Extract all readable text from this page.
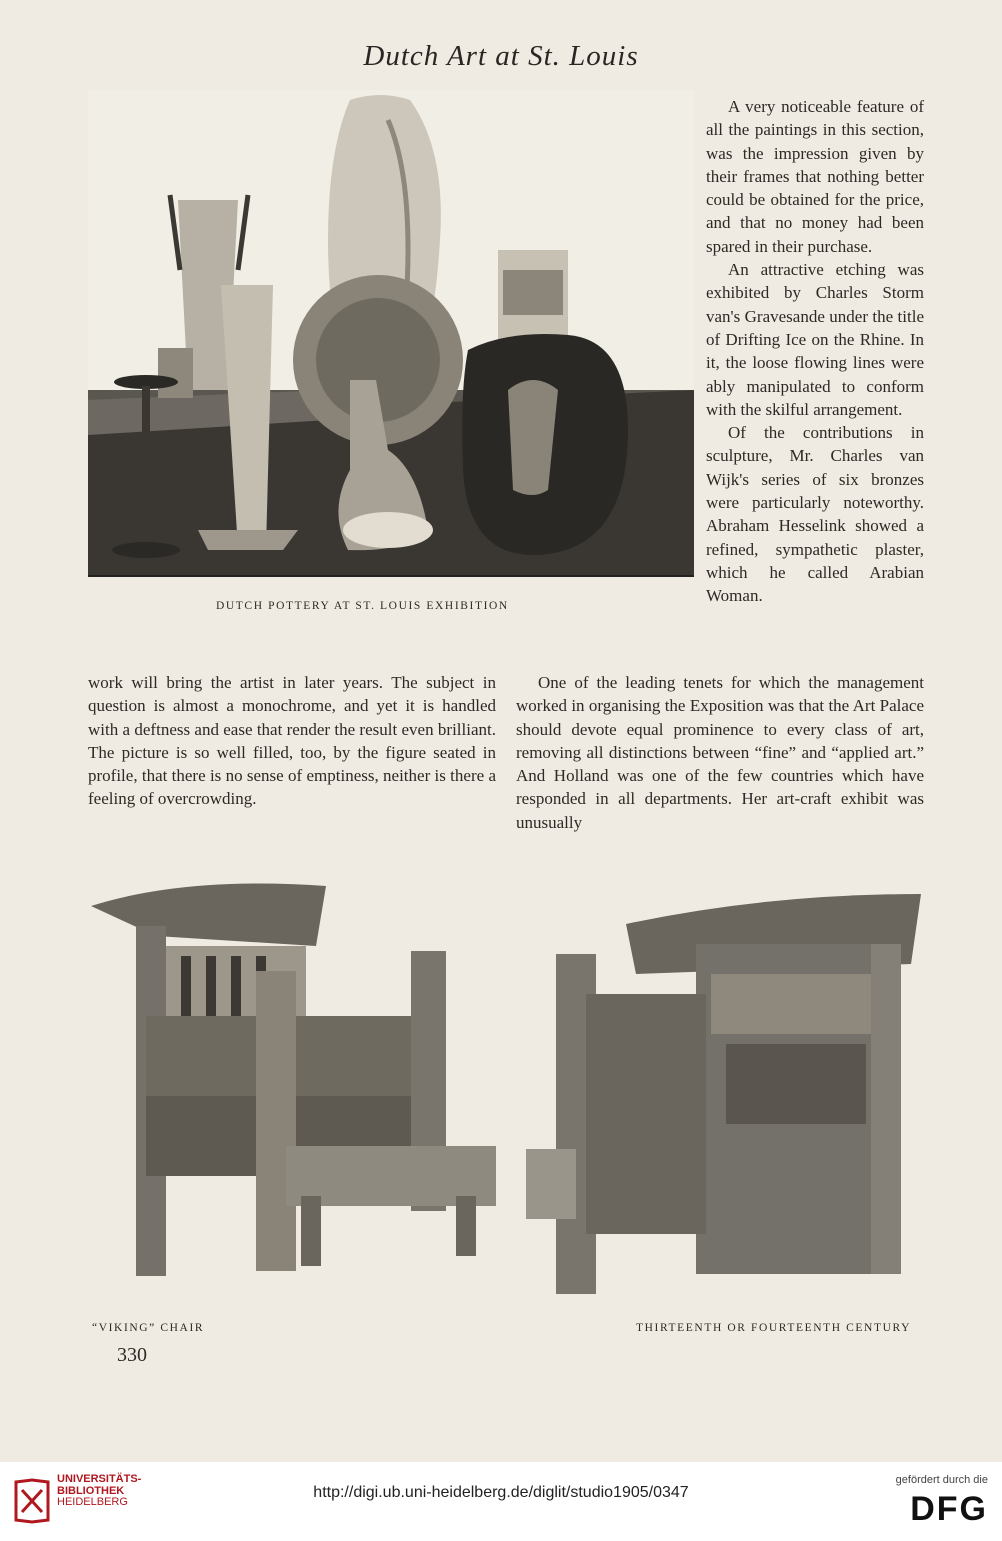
Dutch Art at St. Louis
DUTCH POTTERY AT ST. LOUIS EXHIBITION

A very noticeable feature of all the paintings in this section, was the impression given by their frames that nothing better could be obtained for the price, and that no money had been spared in their purchase.

An attractive etching was exhibited by Charles Storm van's Gravesande under the title of Drifting Ice on the Rhine. In it, the loose flowing lines were ably manipulated to conform with the skilful arrangement.

Of the contributions in sculpture, Mr. Charles van Wijk's series of six bronzes were particularly noteworthy. Abraham Hesselink showed a refined, sympathetic plaster, which he called Arabian Woman.

work will bring the artist in later years. The subject in question is almost a monochrome, and yet it is handled with a deftness and ease that render the result even brilliant. The picture is so well filled, too, by the figure seated in profile, that there is no sense of emptiness, neither is there a feeling of overcrowding.

One of the leading tenets for which the management worked in organising the Exposition was that the Art Palace should devote equal prominence to every class of art, removing all distinctions between “fine” and “applied art.” And Holland was one of the few countries which have responded in all departments. Her art-craft exhibit was unusually

“VIKING” CHAIR	THIRTEENTH OR FOURTEENTH CENTURY
330
UNIVERSITÄTS-
BIBLIOTHEK
HEIDELBERG
http://digi.ub.uni-heidelberg.de/diglit/studio1905/0347
gefördert durch die
DFG
